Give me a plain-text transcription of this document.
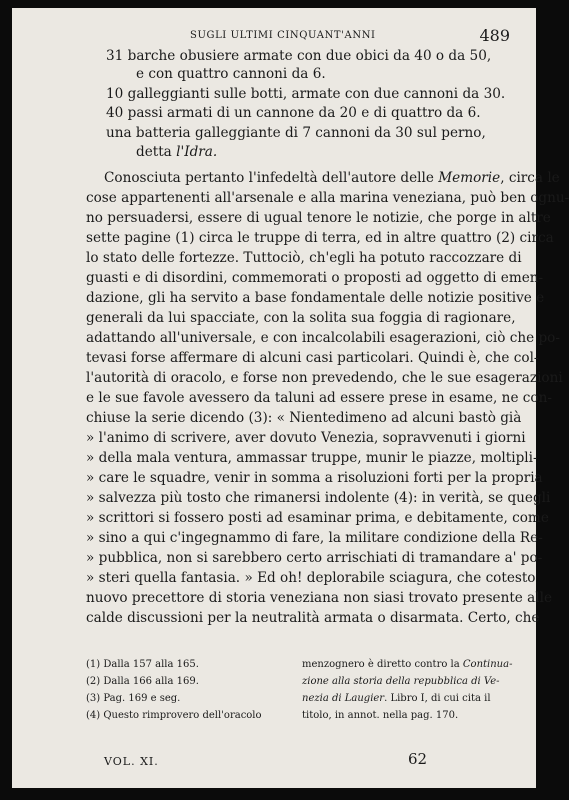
SUGLI ULTIMI CINQUANT'ANNI	489
31 barche obusiere armate con due obici da 40 o da 50,
e con quattro cannoni da 6.
10 galleggianti sulle botti, armate con due cannoni da 30.
40 passi armati di un cannone da 20 e di quattro da 6.
una batteria galleggiante di 7 cannoni da 30 sul perno,
detta l'Idra.
Conosciuta pertanto l'infedeltà dell'autore delle Memorie, circa le
cose appartenenti all'arsenale e alla marina veneziana, può ben ognu-
no persuadersi, essere di ugual tenore le notizie, che porge in altre
sette pagine (1) circa le truppe di terra, ed in altre quattro (2) circa
lo stato delle fortezze. Tuttociò, ch'egli ha potuto raccozzare di
guasti e di disordini, commemorati o proposti ad oggetto di emen-
dazione, gli ha servito a base fondamentale delle notizie positive e
generali da lui spacciate, con la solita sua foggia di ragionare,
adattando all'universale, e con incalcolabili esagerazioni, ciò che po-
tevasi forse affermare di alcuni casi particolari. Quindi è, che col-
l'autorità di oracolo, e forse non prevedendo, che le sue esagerazioni
e le sue favole avessero da taluni ad essere prese in esame, ne con-
chiuse la serie dicendo (3): « Nientedimeno ad alcuni bastò già
» l'animo di scrivere, aver dovuto Venezia, sopravvenuti i giorni
» della mala ventura, ammassar truppe, munir le piazze, moltipli-
» care le squadre, venir in somma a risoluzioni forti per la propria
» salvezza più tosto che rimanersi indolente (4): in verità, se quegli
» scrittori si fossero posti ad esaminar prima, e debitamente, come
» sino a qui c'ingegnammo di fare, la militare condizione della Re-
» pubblica, non si sarebbero certo arrischiati di tramandare a' po-
» steri quella fantasia. » Ed oh! deplorabile sciagura, che cotesto
nuovo precettore di storia veneziana non siasi trovato presente alle
calde discussioni per la neutralità armata o disarmata. Certo, che
(1) Dalla 157 alla 165.
(2) Dalla 166 alla 169.
(3) Pag. 169 e seg.
(4) Questo rimprovero dell'oracolo
menzognero è diretto contro la Continua-
zione alla storia della repubblica di Ve-
nezia di Laugier. Libro I, di cui cita il
titolo, in annot. nella pag. 170.
VOL. XI.	62
